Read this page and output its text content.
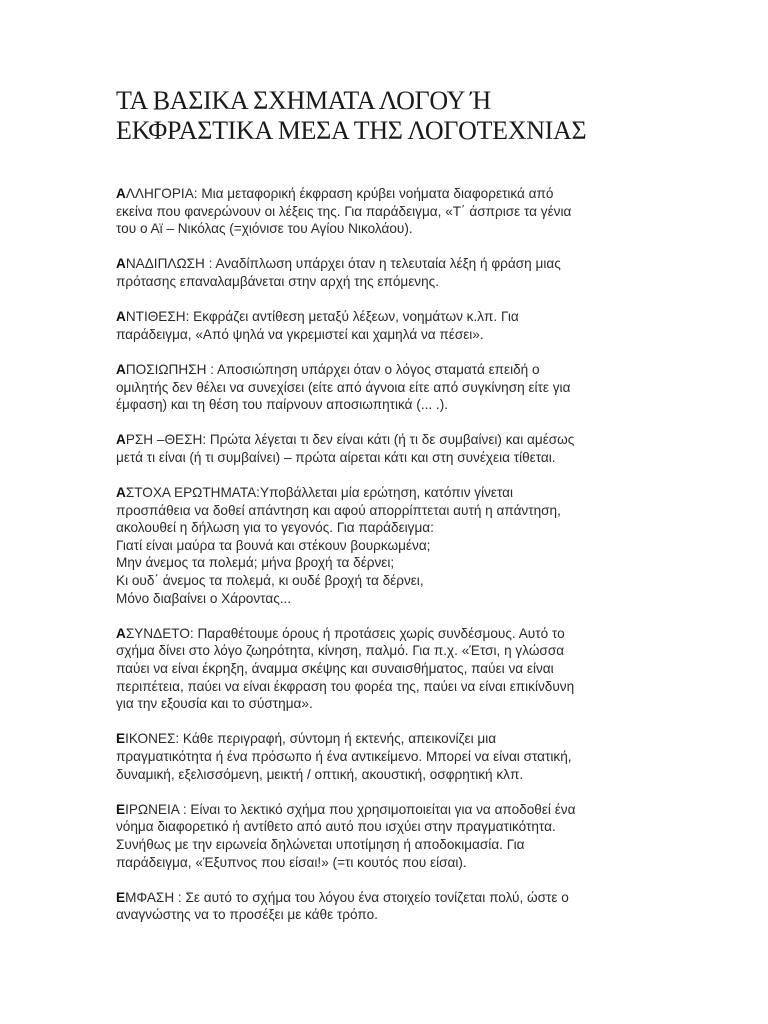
ΤΑ ΒΑΣΙΚΑ ΣΧΗΜΑΤΑ ΛΟΓΟΥ Ή
ΕΚΦΡΑΣΤΙΚΑ ΜΕΣΑ ΤΗΣ ΛΟΓΟΤΕΧΝΙΑΣ
ΑΛΛΗΓΟΡΙΑ: Μια μεταφορική έκφραση κρύβει νοήματα διαφορετικά από
εκείνα που φανερώνουν οι λέξεις της. Για παράδειγμα, «Τ΄ άσπρισε τα γένια
του ο Αϊ – Νικόλας (=χιόνισε του Αγίου Νικολάου).
ΑΝΑΔΙΠΛΩΣΗ : Αναδίπλωση υπάρχει όταν η τελευταία λέξη ή φράση μιας
πρότασης επαναλαμβάνεται στην αρχή της επόμενης.
ΑΝΤΙΘΕΣΗ: Εκφράζει αντίθεση μεταξύ λέξεων, νοημάτων κ.λπ. Για
παράδειγμα, «Από ψηλά να γκρεμιστεί και χαμηλά να πέσει».
ΑΠΟΣΙΩΠΗΣΗ : Αποσιώπηση υπάρχει όταν ο λόγος σταματά επειδή ο
ομιλητής δεν θέλει να συνεχίσει (είτε από άγνοια είτε από συγκίνηση είτε για
έμφαση) και τη θέση του παίρνουν αποσιωπητικά (... .).
ΑΡΣΗ –ΘΕΣΗ: Πρώτα λέγεται τι δεν είναι κάτι (ή τι δε συμβαίνει) και αμέσως
μετά τι είναι (ή τι συμβαίνει) – πρώτα αίρεται κάτι και στη συνέχεια τίθεται.
ΑΣΤΟΧΑ ΕΡΩΤΗΜΑΤΑ:Υποβάλλεται μία ερώτηση, κατόπιν γίνεται
προσπάθεια να δοθεί απάντηση και αφού απορρίπτεται αυτή η απάντηση,
ακολουθεί η δήλωση για το γεγονός. Για παράδειγμα:
Γιατί είναι μαύρα τα βουνά και στέκουν βουρκωμένα;
Μην άνεμος τα πολεμά; μήνα βροχή τα δέρνει;
Κι ουδ΄ άνεμος τα πολεμά, κι ουδέ βροχή τα δέρνει,
Μόνο διαβαίνει ο Χάροντας...
ΑΣΥΝΔΕΤΟ: Παραθέτουμε όρους ή προτάσεις χωρίς συνδέσμους. Αυτό το
σχήμα δίνει στο λόγο ζωηρότητα, κίνηση, παλμό. Για π.χ. «Έτσι, η γλώσσα
παύει να είναι έκρηξη, άναμμα σκέψης και συναισθήματος, παύει να είναι
περιπέτεια, παύει να είναι έκφραση του φορέα της, παύει να είναι επικίνδυνη
για την εξουσία και το σύστημα».
ΕΙΚΟΝΕΣ: Κάθε περιγραφή, σύντομη ή εκτενής, απεικονίζει μια
πραγματικότητα ή ένα πρόσωπο ή ένα αντικείμενο. Μπορεί να είναι στατική,
δυναμική, εξελισσόμενη, μεικτή / οπτική, ακουστική, οσφρητική κλπ.
ΕΙΡΩΝΕΙΑ : Είναι το λεκτικό σχήμα που χρησιμοποιείται για να αποδοθεί ένα
νόημα διαφορετικό ή αντίθετο από αυτό που ισχύει στην πραγματικότητα.
Συνήθως με την ειρωνεία δηλώνεται υποτίμηση ή αποδοκιμασία. Για
παράδειγμα, «Έξυπνος που είσαι!» (=τι κουτός που είσαι).
ΕΜΦΑΣΗ : Σε αυτό το σχήμα του λόγου ένα στοιχείο τονίζεται πολύ, ώστε ο
αναγνώστης να το προσέξει με κάθε τρόπο.
